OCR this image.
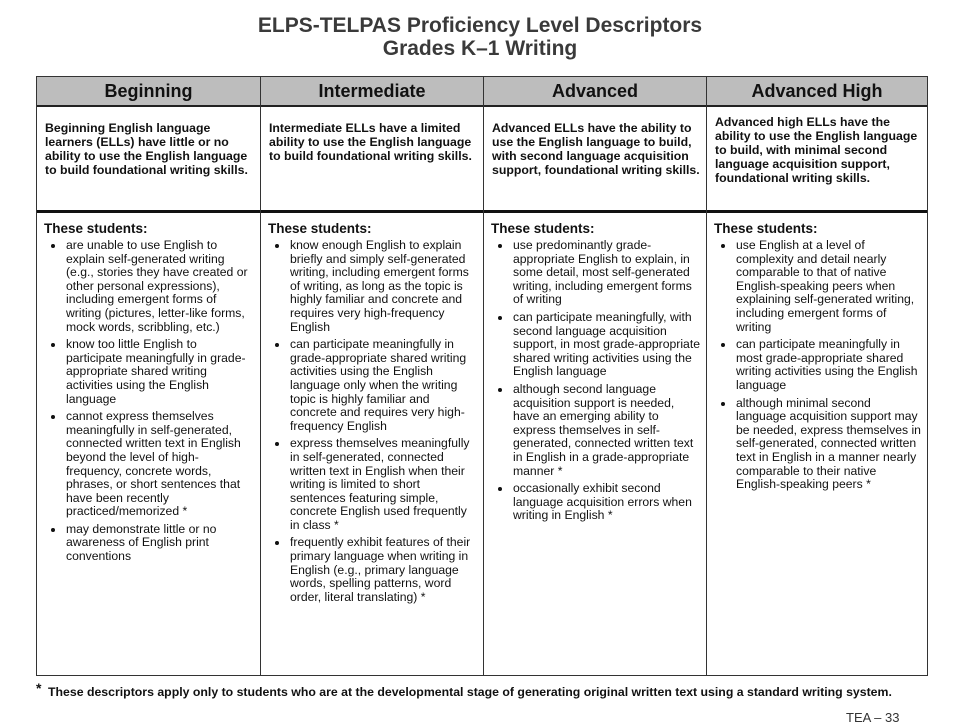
ELPS-TELPAS Proficiency Level Descriptors
Grades K–1 Writing
Beginning
Beginning English language learners (ELLs) have little or no ability to use the English language to build foundational writing skills.
These students:
are unable to use English to explain self-generated writing (e.g., stories they have created or other personal expressions), including emergent forms of writing (pictures, letter-like forms, mock words, scribbling, etc.)
know too little English to participate meaningfully in grade-appropriate shared writing activities using the English language
cannot express themselves meaningfully in self-generated, connected written text in English beyond the level of high-frequency, concrete words, phrases, or short sentences that have been recently practiced/memorized *
may demonstrate little or no awareness of English print conventions
Intermediate
Intermediate ELLs have a limited ability to use the English language to build foundational writing skills.
These students:
know enough English to explain briefly and simply self-generated writing, including emergent forms of writing, as long as the topic is highly familiar and concrete and requires very high-frequency English
can participate meaningfully in grade-appropriate shared writing activities using the English language only when the writing topic is highly familiar and concrete and requires very high-frequency English
express themselves meaningfully in self-generated, connected written text in English when their writing is limited to short sentences featuring simple, concrete English used frequently in class *
frequently exhibit features of their primary language when writing in English (e.g., primary language words, spelling patterns, word order, literal translating) *
Advanced
Advanced ELLs have the ability to use the English language to build, with second language acquisition support, foundational writing skills.
These students:
use predominantly grade-appropriate English to explain, in some detail, most self-generated writing, including emergent forms of writing
can participate meaningfully, with second language acquisition support, in most grade-appropriate shared writing activities using the English language
although second language acquisition support is needed, have an emerging ability to express themselves in self-generated, connected written text in English in a grade-appropriate manner *
occasionally exhibit second language acquisition errors when writing in English *
Advanced High
Advanced high ELLs have the ability to use the English language to build, with minimal second language acquisition support, foundational writing skills.
These students:
use English at a level of complexity and detail nearly comparable to that of native English-speaking peers when explaining self-generated writing, including emergent forms of writing
can participate meaningfully in most grade-appropriate shared writing activities using the English language
although minimal second language acquisition support may be needed, express themselves in self-generated, connected written text in English in a manner nearly comparable to their native English-speaking peers *
* These descriptors apply only to students who are at the developmental stage of generating original written text using a standard writing system.
TEA – 33
